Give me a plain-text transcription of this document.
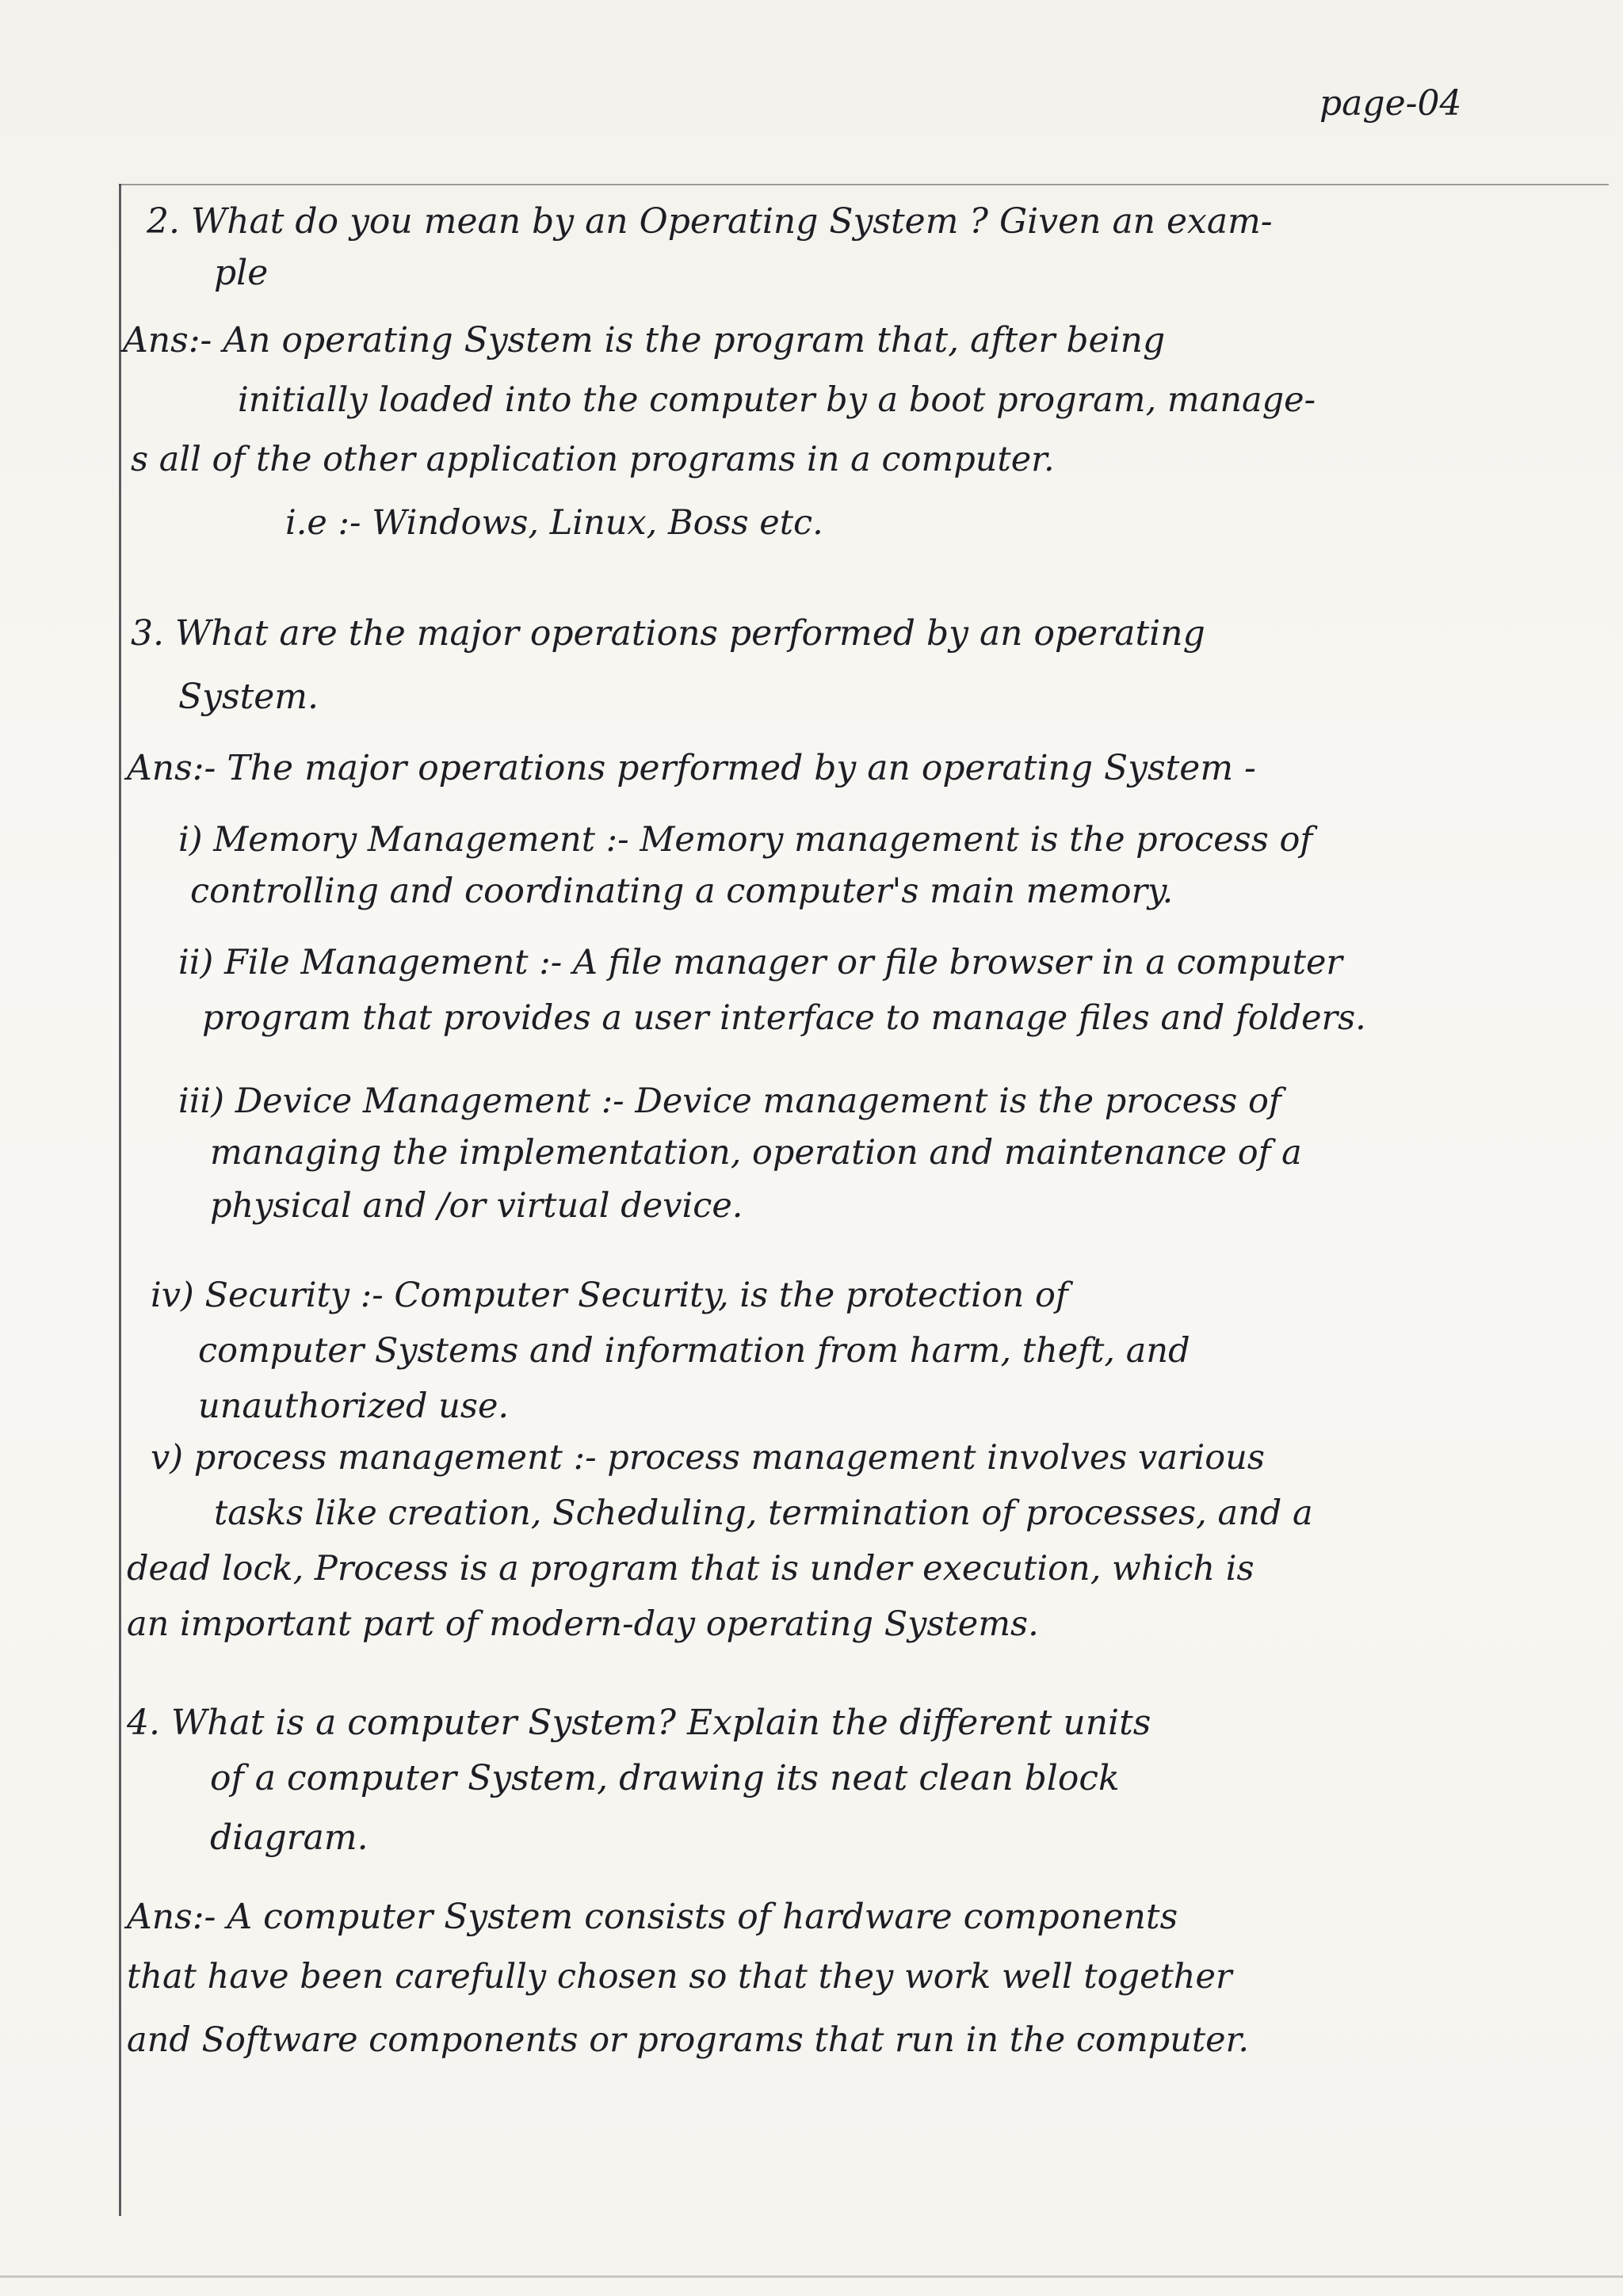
page-04
2. What do you mean by an Operating System ? Given an exam-
ple
Ans:- An operating System is the program that, after being
initially loaded into the computer by a boot program, manage-
s all of the other application programs in a computer.
i.e :- Windows, Linux, Boss etc.
3. What are the major operations performed by an operating
System.
Ans:- The major operations performed by an operating System -
i) Memory Management :- Memory management is the process of
controlling and coordinating a computer's main memory.
ii) File Management :- A file manager or file browser in a computer
program that provides a user interface to manage files and folders.
iii) Device Management :- Device management is the process of
managing the implementation, operation and maintenance of a
physical and /or virtual device.
iv) Security :- Computer Security, is the protection of
computer Systems and information from harm, theft, and
unauthorized use.
v) process management :- process management involves various
tasks like creation, Scheduling, termination of processes, and a
dead lock, Process is a program that is under execution, which is
an important part of modern-day operating Systems.
4. What is a computer System? Explain the different units
of a computer System, drawing its neat clean block
diagram.
Ans:- A computer System consists of hardware components
that have been carefully chosen so that they work well together
and Software components or programs that run in the computer.
